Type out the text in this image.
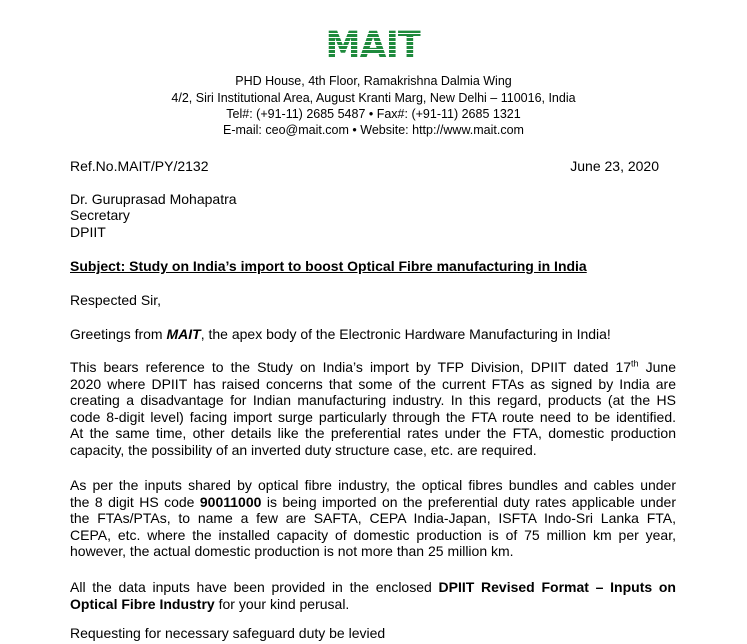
MAIT
PHD House, 4th Floor, Ramakrishna Dalmia Wing
4/2, Siri Institutional Area, August Kranti Marg, New Delhi – 110016, India
Tel#: (+91-11) 2685 5487 • Fax#: (+91-11) 2685 1321
E-mail: ceo@mait.com • Website: http://www.mait.com
Ref.No.MAIT/PY/2132	June 23, 2020
Dr. Guruprasad Mohapatra
Secretary
DPIIT
Subject: Study on India’s import to boost Optical Fibre manufacturing in India
Respected Sir,
Greetings from MAIT, the apex body of the Electronic Hardware Manufacturing in India!
This bears reference to the Study on India’s import by TFP Division, DPIIT dated 17th June
2020 where DPIIT has raised concerns that some of the current FTAs as signed by India are
creating a disadvantage for Indian manufacturing industry. In this regard, products (at the HS
code 8-digit level) facing import surge particularly through the FTA route need to be identified.
At the same time, other details like the preferential rates under the FTA, domestic production
capacity, the possibility of an inverted duty structure case, etc. are required.
As per the inputs shared by optical fibre industry, the optical fibres bundles and cables under
the 8 digit HS code 90011000 is being imported on the preferential duty rates applicable under
the FTAs/PTAs, to name a few are SAFTA, CEPA India-Japan, ISFTA Indo-Sri Lanka FTA,
CEPA, etc. where the installed capacity of domestic production is of 75 million km per year,
however, the actual domestic production is not more than 25 million km.
All the data inputs have been provided in the enclosed DPIIT Revised Format – Inputs on
Optical Fibre Industry for your kind perusal.
Requesting for necessary safeguard duty be levied
